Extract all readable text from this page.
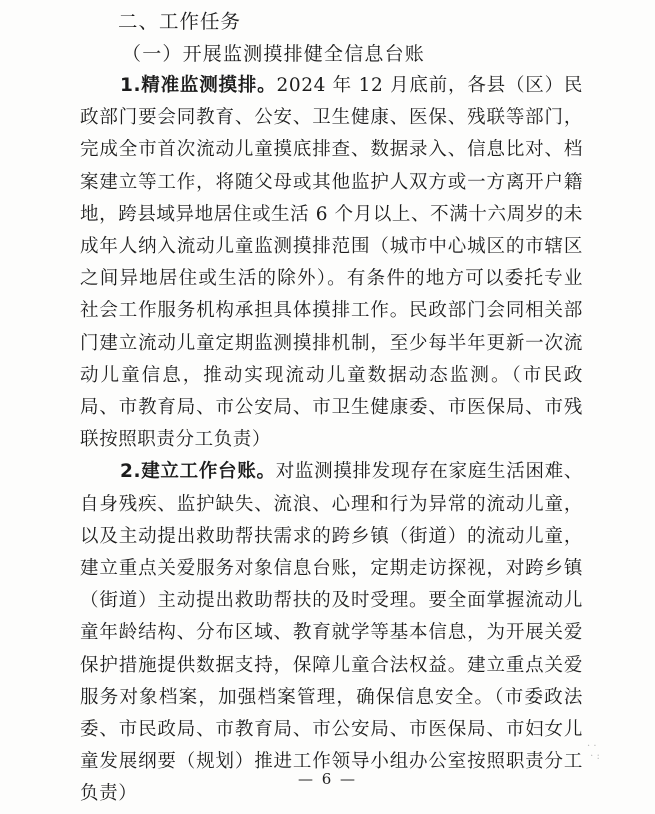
二、工作任务
（一）开展监测摸排健全信息台账

1.精准监测摸排。2024 年 12 月底前，各县（区）民政部门要会同教育、公安、卫生健康、医保、残联等部门，完成全市首次流动儿童摸底排查、数据录入、信息比对、档案建立等工作，将随父母或其他监护人双方或一方离开户籍地，跨县域异地居住或生活 6 个月以上、不满十六周岁的未成年人纳入流动儿童监测摸排范围（城市中心城区的市辖区之间异地居住或生活的除外）。有条件的地方可以委托专业社会工作服务机构承担具体摸排工作。民政部门会同相关部门建立流动儿童定期监测摸排机制，至少每半年更新一次流动儿童信息，推动实现流动儿童数据动态监测。（市民政局、市教育局、市公安局、市卫生健康委、市医保局、市残联按照职责分工负责）

2.建立工作台账。对监测摸排发现存在家庭生活困难、自身残疾、监护缺失、流浪、心理和行为异常的流动儿童，以及主动提出救助帮扶需求的跨乡镇（街道）的流动儿童，建立重点关爱服务对象信息台账，定期走访探视，对跨乡镇（街道）主动提出救助帮扶的及时受理。要全面掌握流动儿童年龄结构、分布区域、教育就学等基本信息，为开展关爱保护措施提供数据支持，保障儿童合法权益。建立重点关爱服务对象档案，加强档案管理，确保信息安全。（市委政法委、市民政局、市教育局、市公安局、市医保局、市妇女儿童发展纲要（规划）推进工作领导小组办公室按照职责分工负责）

· ·
· :
— 6 —
